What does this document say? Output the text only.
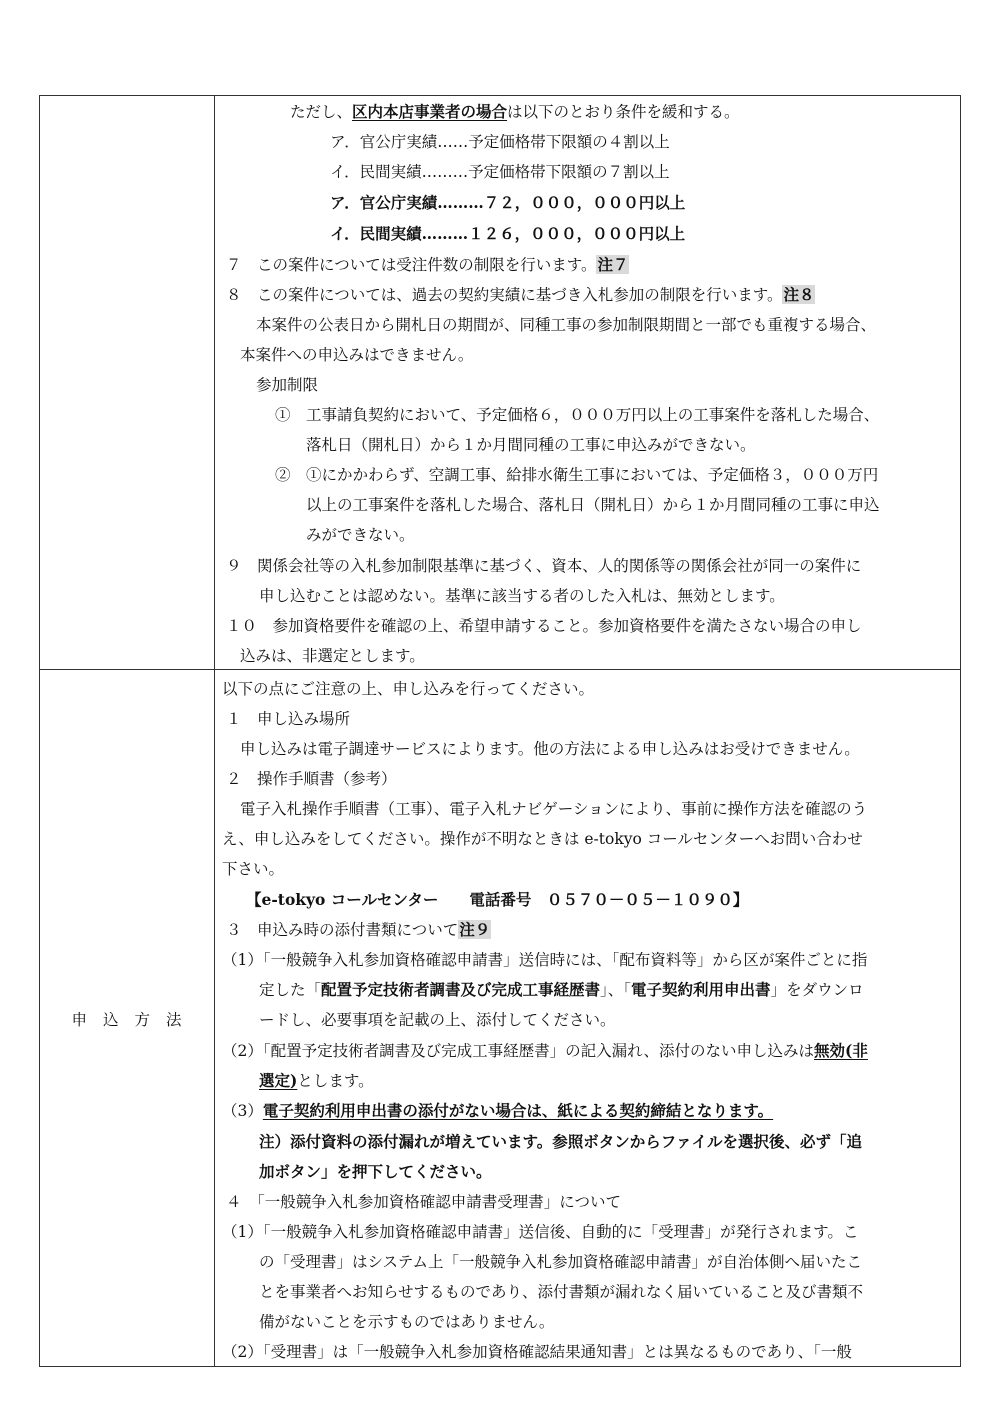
申込方法
ただし、区内本店事業者の場合は以下のとおり条件を緩和する。
ア．官公庁実績……予定価格帯下限額の４割以上
イ．民間実績………予定価格帯下限額の７割以上
ア．官公庁実績………７２，０００，０００円以上
イ．民間実績………１２６，０００，０００円以上
７　この案件については受注件数の制限を行います。注７
８　この案件については、過去の契約実績に基づき入札参加の制限を行います。注８
本案件の公表日から開札日の期間が、同種工事の参加制限期間と一部でも重複する場合、
本案件への申込みはできません。
参加制限
①　工事請負契約において、予定価格６，０００万円以上の工事案件を落札した場合、
落札日（開札日）から１か月間同種の工事に申込みができない。
②　①にかかわらず、空調工事、給排水衛生工事においては、予定価格３，０００万円
以上の工事案件を落札した場合、落札日（開札日）から１か月間同種の工事に申込
みができない。
９　関係会社等の入札参加制限基準に基づく、資本、人的関係等の関係会社が同一の案件に
申し込むことは認めない。基準に該当する者のした入札は、無効とします。
１０　参加資格要件を確認の上、希望申請すること。参加資格要件を満たさない場合の申し
込みは、非選定とします。
以下の点にご注意の上、申し込みを行ってください。
１　申し込み場所
申し込みは電子調達サービスによります。他の方法による申し込みはお受けできません。
２　操作手順書（参考）
電子入札操作手順書（工事）、電子入札ナビゲーションにより、事前に操作方法を確認のう
え、申し込みをしてください。操作が不明なときは e-tokyo コールセンターへお問い合わせ
下さい。
【e-tokyo コールセンター　　電話番号　０５７０－０５－１０９０】
３　申込み時の添付書類について注９
（1）「一般競争入札参加資格確認申請書」送信時には、「配布資料等」から区が案件ごとに指
定した「配置予定技術者調書及び完成工事経歴書」、「電子契約利用申出書」をダウンロ
ードし、必要事項を記載の上、添付してください。
（2）「配置予定技術者調書及び完成工事経歴書」の記入漏れ、添付のない申し込みは無効(非
選定)とします。
（3）電子契約利用申出書の添付がない場合は、紙による契約締結となります。
注）添付資料の添付漏れが増えています。参照ボタンからファイルを選択後、必ず「追
加ボタン」を押下してください。
４　「一般競争入札参加資格確認申請書受理書」について
（1）「一般競争入札参加資格確認申請書」送信後、自動的に「受理書」が発行されます。こ
の「受理書」はシステム上「一般競争入札参加資格確認申請書」が自治体側へ届いたこ
とを事業者へお知らせするものであり、添付書類が漏れなく届いていること及び書類不
備がないことを示すものではありません。
（2）「受理書」は「一般競争入札参加資格確認結果通知書」とは異なるものであり、「一般
